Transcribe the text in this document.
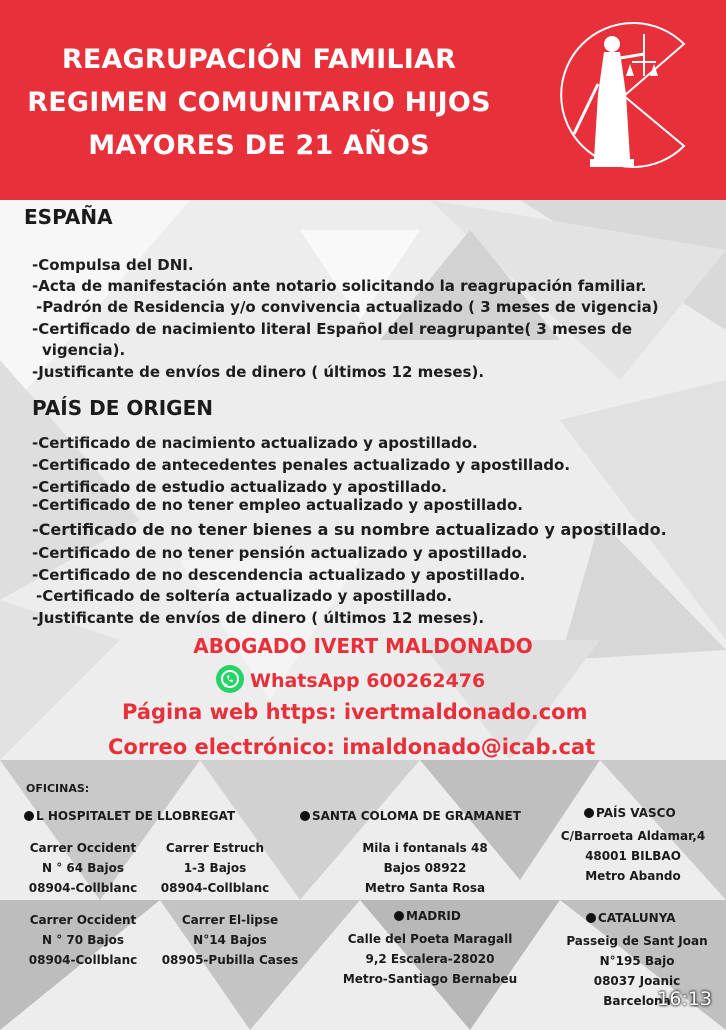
REAGRUPACIÓN FAMILIAR
REGIMEN COMUNITARIO HIJOS
MAYORES DE 21 AÑOS
ESPAÑA
-Compulsa del DNI.
-Acta de manifestación ante notario solicitando la reagrupación familiar.
-Padrón de Residencia y/o convivencia actualizado ( 3 meses de vigencia)
-Certificado de nacimiento literal Español del reagrupante( 3 meses de
vigencia).
-Justificante de envíos de dinero ( últimos 12 meses).
PAÍS DE ORIGEN
-Certificado de nacimiento actualizado y apostillado.
-Certificado de antecedentes penales actualizado y apostillado.
-Certificado de estudio actualizado y apostillado.
-Certificado de no tener empleo actualizado y apostillado.
-Certificado de no tener bienes a su nombre actualizado y apostillado.
-Certificado de no tener pensión actualizado y apostillado.
-Certificado de no descendencia actualizado y apostillado.
-Certificado de soltería actualizado y apostillado.
-Justificante de envíos de dinero ( últimos 12 meses).
ABOGADO IVERT MALDONADO
WhatsApp 600262476
Página web https: ivertmaldonado.com
Correo electrónico: imaldonado@icab.cat
OFICINAS:
L HOSPITALET DE LLOBREGAT	SANTA COLOMA DE GRAMANET	PAÍS VASCO
Carrer Occident
N ° 64 Bajos
08904-Collblanc
Carrer Estruch
1-3 Bajos
08904-Collblanc
Mila i fontanals 48
Bajos 08922
Metro Santa Rosa
C/Barroeta Aldamar,4
48001 BILBAO
Metro Abando
MADRID	CATALUNYA
Carrer Occident
N ° 70 Bajos
08904-Collblanc
Carrer El-lipse
N°14 Bajos
08905-Pubilla Cases
Calle del Poeta Maragall
9,2 Escalera-28020
Metro-Santiago Bernabeu
Passeig de Sant Joan
N°195 Bajo
08037 Joanic
Barcelona
16:13
